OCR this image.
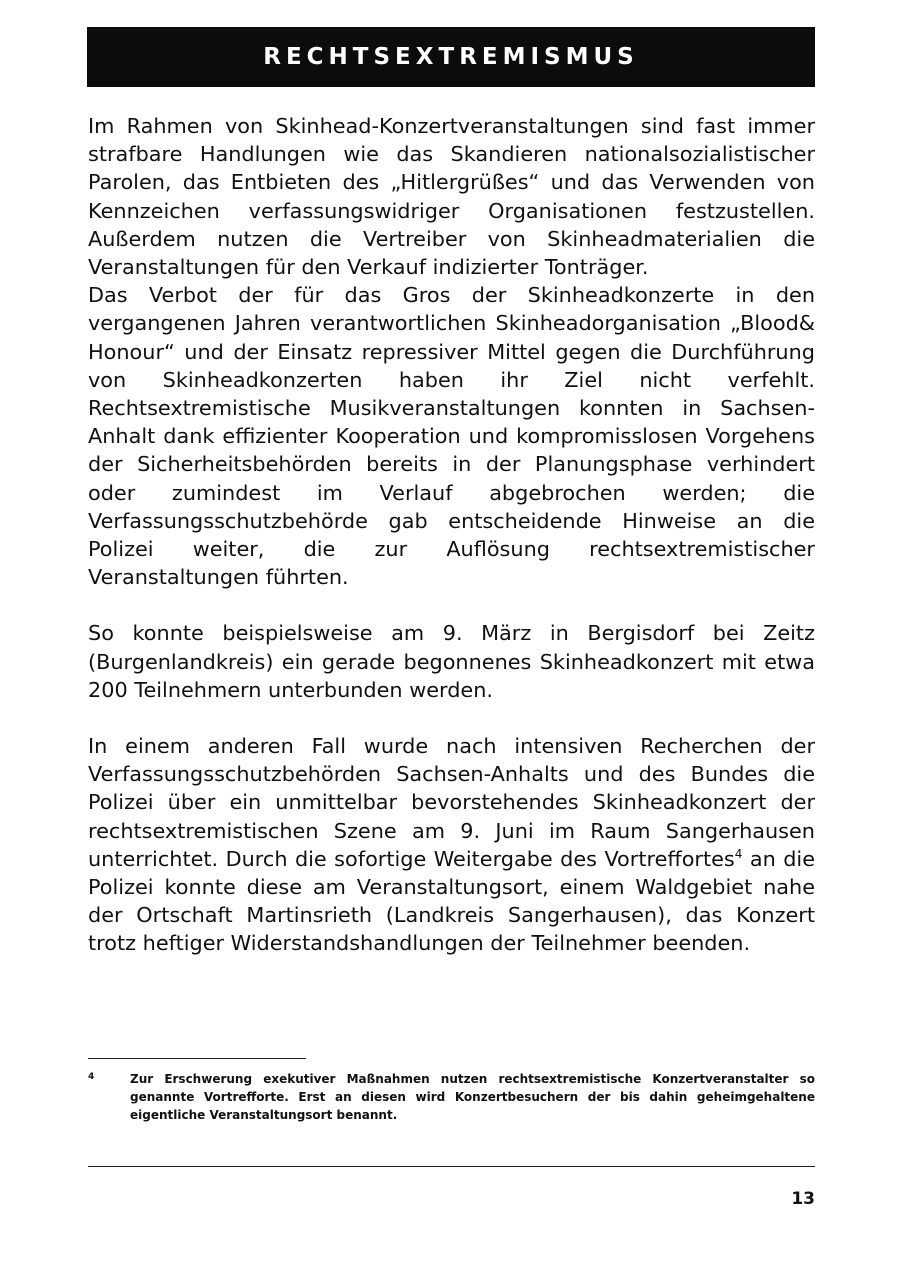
RECHTSEXTREMISMUS

Im Rahmen von Skinhead-Konzertveranstaltungen sind fast immer strafbare Handlungen wie das Skandieren nationalsozialistischer Parolen, das Entbieten des „Hitlergrüßes“ und das Verwenden von Kennzeichen verfassungswidriger Organisationen festzustellen. Außerdem nutzen die Vertreiber von Skinheadmaterialien die Veranstaltungen für den Verkauf indizierter Tonträger.

Das Verbot der für das Gros der Skinheadkonzerte in den vergangenen Jahren verantwortlichen Skinheadorganisation „Blood& Honour“ und der Einsatz repressiver Mittel gegen die Durchführung von Skinheadkonzerten haben ihr Ziel nicht verfehlt. Rechtsextremistische Musikveranstaltungen konnten in Sachsen-Anhalt dank effizienter Kooperation und kompromisslosen Vorgehens der Sicherheitsbehörden bereits in der Planungsphase verhindert oder zumindest im Verlauf abgebrochen werden; die Verfassungsschutzbehörde gab entscheidende Hinweise an die Polizei weiter, die zur Auflösung rechtsextremistischer Veranstaltungen führten.

So konnte beispielsweise am 9. März in Bergisdorf bei Zeitz (Burgenlandkreis) ein gerade begonnenes Skinheadkonzert mit etwa 200 Teilnehmern unterbunden werden.

In einem anderen Fall wurde nach intensiven Recherchen der Verfassungsschutzbehörden Sachsen-Anhalts und des Bundes die Polizei über ein unmittelbar bevorstehendes Skinheadkonzert der rechtsextremistischen Szene am 9. Juni im Raum Sangerhausen unterrichtet. Durch die sofortige Weitergabe des Vortreffortes$^4$ an die Polizei konnte diese am Veranstaltungsort, einem Waldgebiet nahe der Ortschaft Martinsrieth (Landkreis Sangerhausen), das Konzert trotz heftiger Widerstandshandlungen der Teilnehmer beenden.

4	Zur Erschwerung exekutiver Maßnahmen nutzen rechtsextremistische Konzertveranstalter so genannte Vortrefforte. Erst an diesen wird Konzertbesuchern der bis dahin geheimgehaltene eigentliche Veranstaltungsort benannt.
13
